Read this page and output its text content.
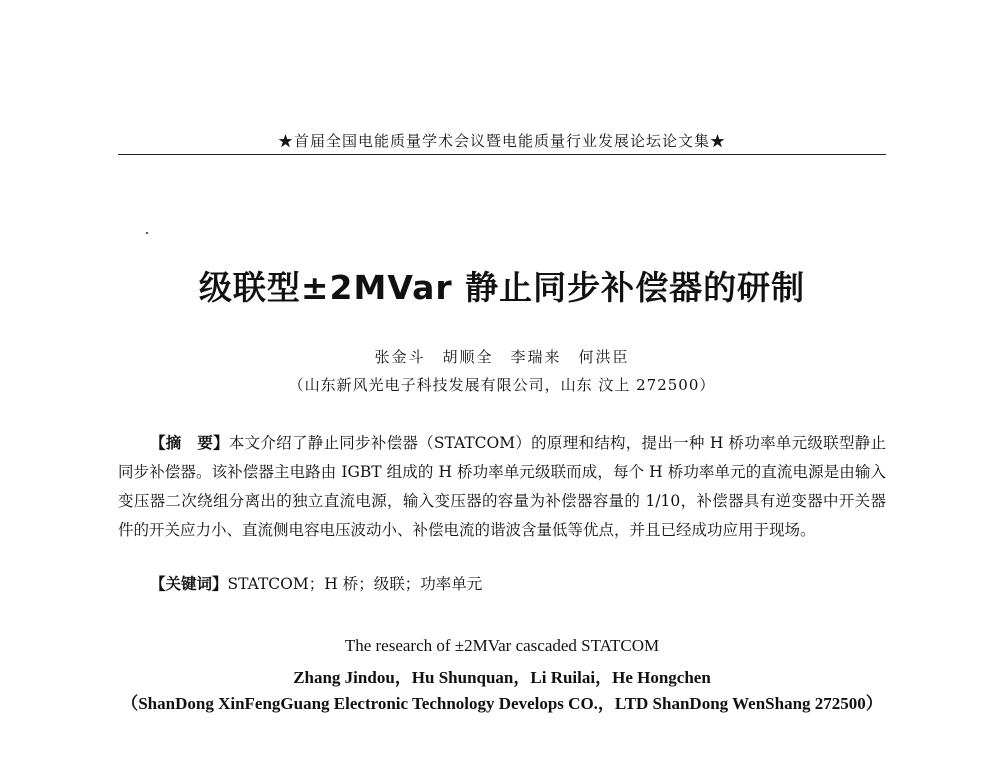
★首届全国电能质量学术会议暨电能质量行业发展论坛论文集★
级联型±2MVar 静止同步补偿器的研制
张金斗　胡顺全　李瑞来　何洪臣
（山东新风光电子科技发展有限公司，山东 汶上 272500）
【摘　要】本文介绍了静止同步补偿器（STATCOM）的原理和结构，提出一种 H 桥功率单元级联型静止同步补偿器。该补偿器主电路由 IGBT 组成的 H 桥功率单元级联而成，每个 H 桥功率单元的直流电源是由输入变压器二次绕组分离出的独立直流电源，输入变压器的容量为补偿器容量的 1/10，补偿器具有逆变器中开关器件的开关应力小、直流侧电容电压波动小、补偿电流的谐波含量低等优点，并且已经成功应用于现场。
【关键词】STATCOM；H 桥；级联；功率单元
The research of ±2MVar cascaded STATCOM
Zhang Jindou，Hu Shunquan，Li Ruilai，He Hongchen
（ShanDong XinFengGuang Electronic Technology Develops CO.，LTD ShanDong WenShang 272500）
